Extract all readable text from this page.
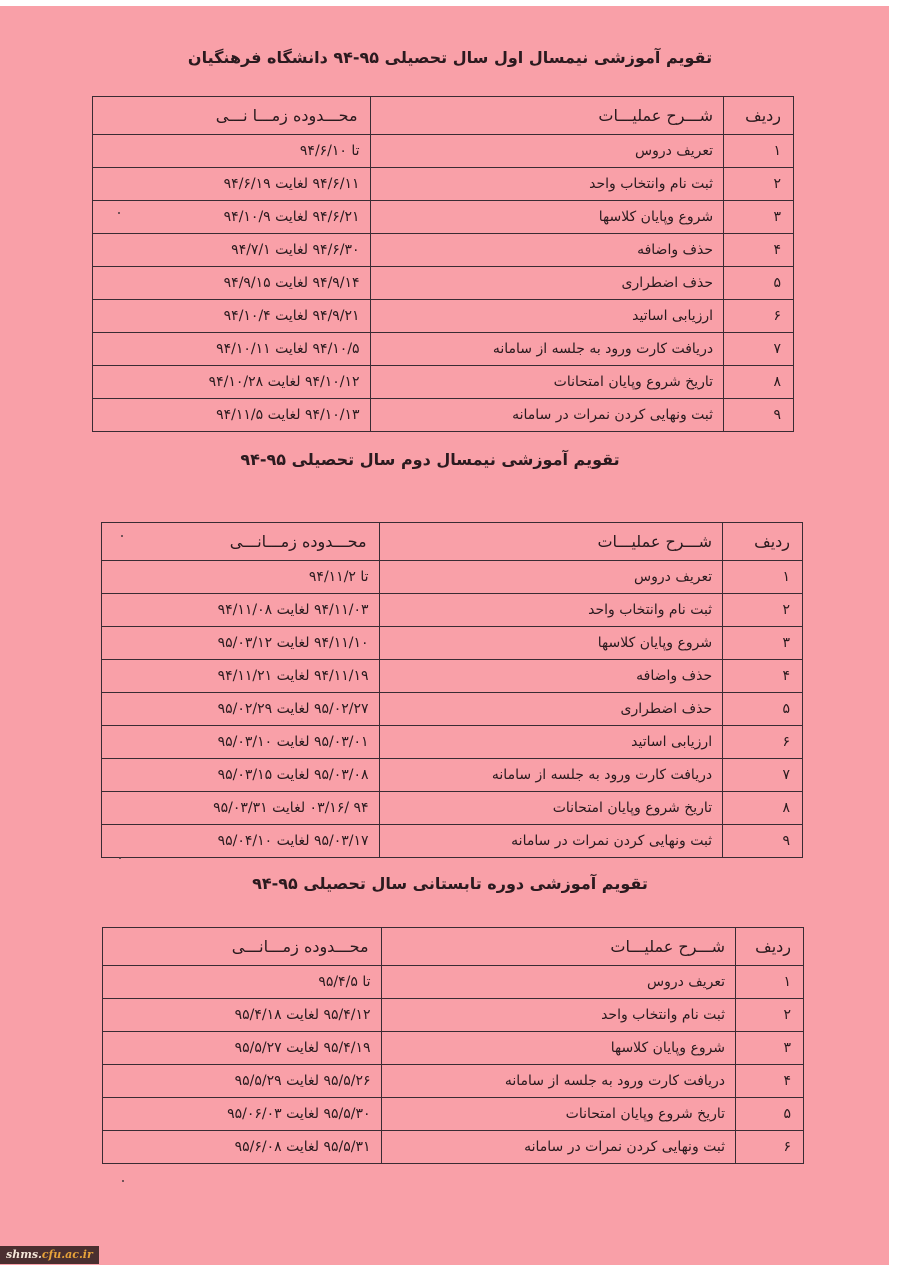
تقویم آموزشی نیمسال اول سال تحصیلی ۹۵-۹۴ دانشگاه فرهنگیان
ردیف	شـــرح عملیـــات	محـــدوده زمـــا نـــی
۱	تعریف دروس	تا ۹۴/۶/۱۰
۲	ثبت نام وانتخاب واحد	۹۴/۶/۱۱ لغایت ۹۴/۶/۱۹
۳	شروع وپایان کلاسها	۹۴/۶/۲۱ لغایت ۹۴/۱۰/۹
۴	حذف واضافه	۹۴/۶/۳۰ لغایت ۹۴/۷/۱
۵	حذف اضطراری	۹۴/۹/۱۴ لغایت ۹۴/۹/۱۵
۶	ارزیابی اساتید	۹۴/۹/۲۱ لغایت ۹۴/۱۰/۴
۷	دریافت کارت ورود به جلسه از سامانه	۹۴/۱۰/۵ لغایت ۹۴/۱۰/۱۱
۸	تاریخ شروع وپایان امتحانات	۹۴/۱۰/۱۲ لغایت ۹۴/۱۰/۲۸
۹	ثبت ونهایی کردن نمرات در سامانه	۹۴/۱۰/۱۳ لغایت ۹۴/۱۱/۵
تقویم آموزشی نیمسال دوم سال تحصیلی ۹۵-۹۴
ردیف	شـــرح عملیـــات	محـــدوده زمـــانـــی
۱	تعریف دروس	تا ۹۴/۱۱/۲
۲	ثبت نام وانتخاب واحد	۹۴/۱۱/۰۳ لغایت ۹۴/۱۱/۰۸
۳	شروع وپایان کلاسها	۹۴/۱۱/۱۰ لغایت ۹۵/۰۳/۱۲
۴	حذف واضافه	۹۴/۱۱/۱۹ لغایت ۹۴/۱۱/۲۱
۵	حذف اضطراری	۹۵/۰۲/۲۷ لغایت ۹۵/۰۲/۲۹
۶	ارزیابی اساتید	۹۵/۰۳/۰۱ لغایت ۹۵/۰۳/۱۰
۷	دریافت کارت ورود به جلسه از سامانه	۹۵/۰۳/۰۸ لغایت ۹۵/۰۳/۱۵
۸	تاریخ شروع وپایان امتحانات	۹۴ /۰۳/۱۶ لغایت ۹۵/۰۳/۳۱
۹	ثبت ونهایی کردن نمرات در سامانه	۹۵/۰۳/۱۷ لغایت ۹۵/۰۴/۱۰
تقویم آموزشی دوره تابستانی سال تحصیلی ۹۵-۹۴
ردیف	شـــرح عملیـــات	محـــدوده زمـــانـــی
۱	تعریف دروس	تا ۹۵/۴/۵
۲	ثبت نام وانتخاب واحد	۹۵/۴/۱۲ لغایت ۹۵/۴/۱۸
۳	شروع وپایان کلاسها	۹۵/۴/۱۹ لغایت ۹۵/۵/۲۷
۴	دریافت کارت ورود به جلسه از سامانه	۹۵/۵/۲۶ لغایت ۹۵/۵/۲۹
۵	تاریخ شروع وپایان امتحانات	۹۵/۵/۳۰ لغایت ۹۵/۰۶/۰۳
۶	ثبت ونهایی کردن نمرات در سامانه	۹۵/۵/۳۱ لغایت ۹۵/۶/۰۸
shms.cfu.ac.ir
